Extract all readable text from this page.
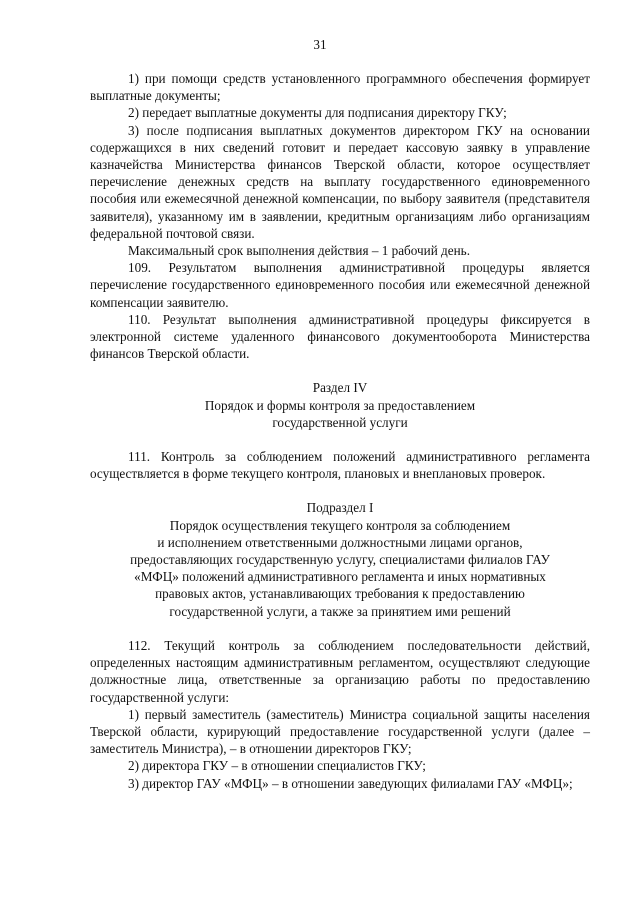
31

1) при помощи средств установленного программного обеспечения формирует выплатные документы;

2) передает выплатные документы для подписания директору ГКУ;

3) после подписания выплатных документов директором ГКУ на основании содержащихся в них сведений готовит и передает кассовую заявку в управление казначейства Министерства финансов Тверской области, которое осуществляет перечисление денежных средств на выплату государственного единовременного пособия или ежемесячной денежной компенсации, по выбору заявителя (представителя заявителя), указанному им в заявлении, кредитным организациям либо организациям федеральной почтовой связи.

Максимальный срок выполнения действия – 1 рабочий день.

109. Результатом выполнения административной процедуры является перечисление государственного единовременного пособия или ежемесячной денежной компенсации заявителю.

110. Результат выполнения административной процедуры фиксируется в электронной системе удаленного финансового документооборота Министерства финансов Тверской области.

Раздел IV

Порядок и формы контроля за предоставлением

государственной услуги

111. Контроль за соблюдением положений административного регламента осуществляется в форме текущего контроля, плановых и внеплановых проверок.

Подраздел I

Порядок осуществления текущего контроля за соблюдением

и исполнением ответственными должностными лицами органов,

предоставляющих государственную услугу, специалистами филиалов ГАУ

«МФЦ» положений административного регламента и иных нормативных

правовых актов, устанавливающих требования к предоставлению

государственной услуги, а также за принятием ими решений

112. Текущий контроль за соблюдением последовательности действий, определенных настоящим административным регламентом, осуществляют следующие должностные лица, ответственные за организацию работы по предоставлению государственной услуги:

1) первый заместитель (заместитель) Министра социальной защиты населения Тверской области, курирующий предоставление государственной услуги (далее – заместитель Министра), – в отношении директоров ГКУ;

2) директора ГКУ – в отношении специалистов ГКУ;

3) директор ГАУ «МФЦ» – в отношении заведующих филиалами ГАУ «МФЦ»;
